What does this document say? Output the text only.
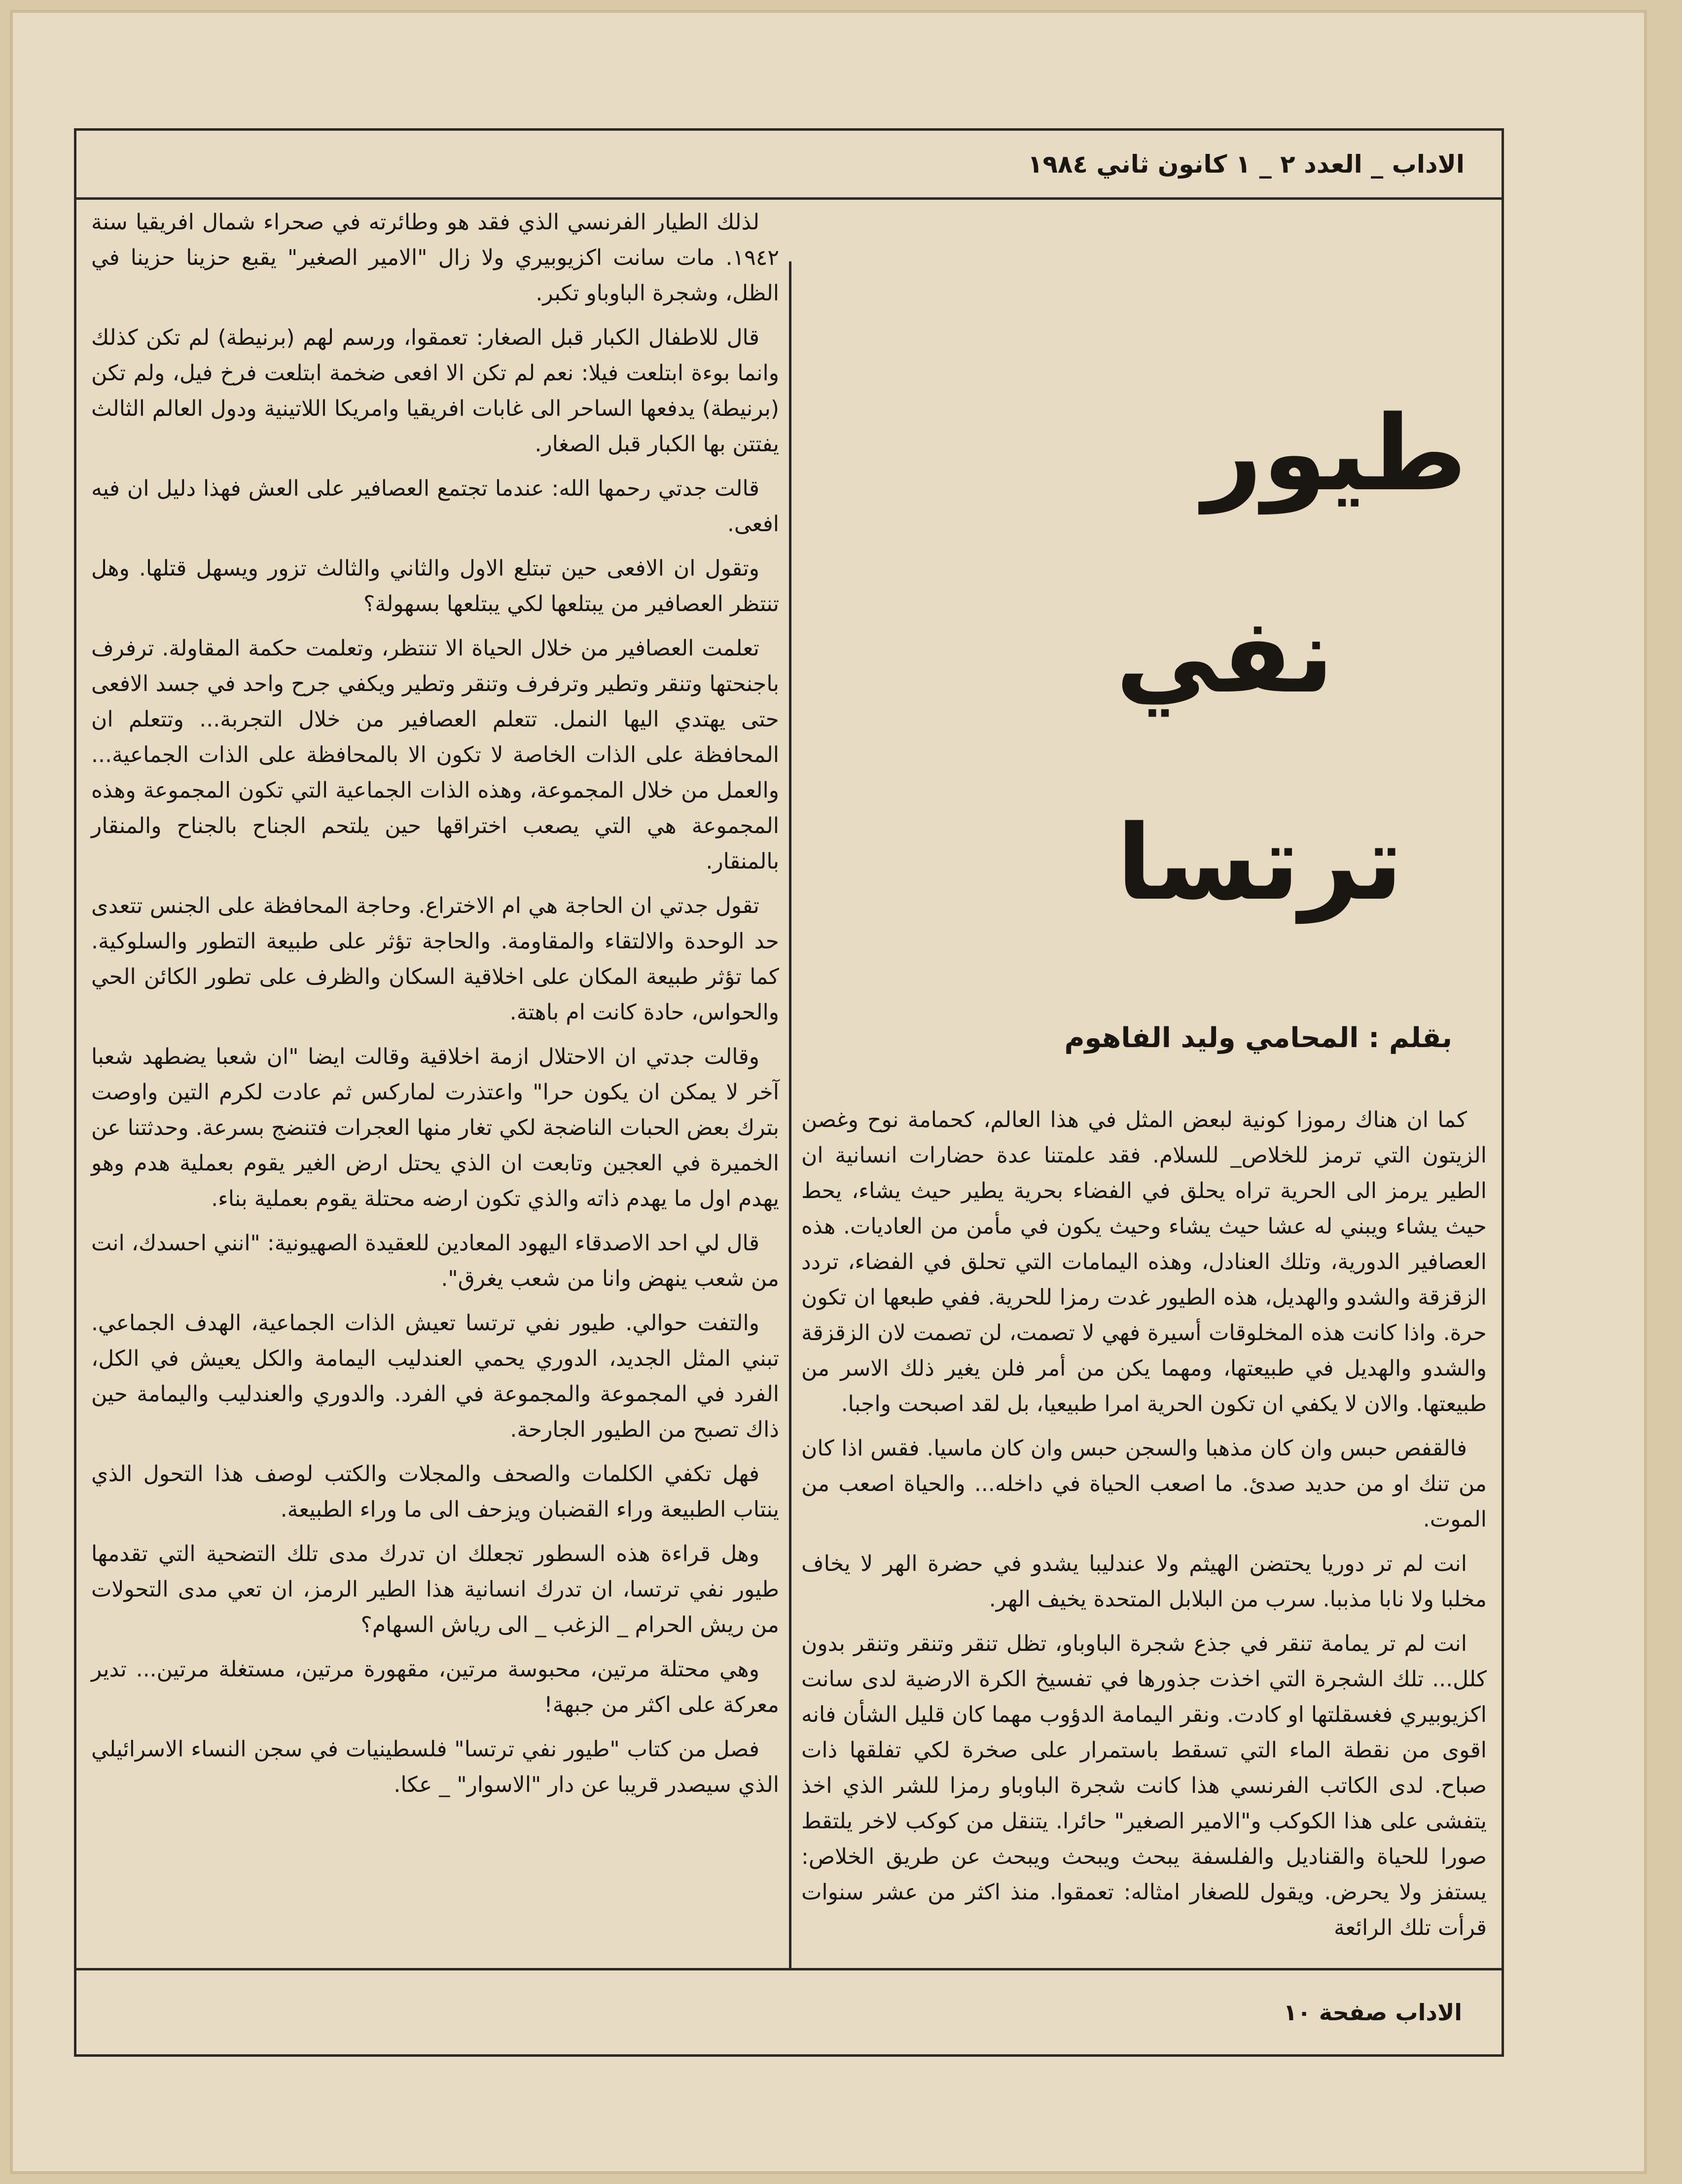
الاداب _ العدد ٢ _ ١ كانون ثاني ١٩٨٤
طيور
نفي
ترتسا
بقلم : المحامي وليد الفاهوم

كما ان هناك رموزا كونية لبعض المثل في هذا العالم، كحمامة نوح وغصن الزيتون التي ترمز للخلاص_ للسلام. فقد علمتنا عدة حضارات انسانية ان الطير يرمز الى الحرية تراه يحلق في الفضاء بحرية يطير حيث يشاء، يحط حيث يشاء ويبني له عشا حيث يشاء وحيث يكون في مأمن من العاديات. هذه العصافير الدورية، وتلك العنادل، وهذه اليمامات التي تحلق في الفضاء، تردد الزقزقة والشدو والهديل، هذه الطيور غدت رمزا للحرية. ففي طبعها ان تكون حرة. واذا كانت هذه المخلوقات أسيرة فهي لا تصمت، لن تصمت لان الزقزقة والشدو والهديل في طبيعتها، ومهما يكن من أمر فلن يغير ذلك الاسر من طبيعتها. والان لا يكفي ان تكون الحرية امرا طبيعيا، بل لقد اصبحت واجبا.

فالقفص حبس وان كان مذهبا والسجن حبس وان كان ماسيا. فقس اذا كان من تنك او من حديد صدئ. ما اصعب الحياة في داخله... والحياة اصعب من الموت.

انت لم تر دوريا يحتضن الهيثم ولا عندليبا يشدو في حضرة الهر لا يخاف مخلبا ولا نابا مذببا. سرب من البلابل المتحدة يخيف الهر.

انت لم تر يمامة تنقر في جذع شجرة الباوباو، تظل تنقر وتنقر وتنقر بدون كلل... تلك الشجرة التي اخذت جذورها في تفسيخ الكرة الارضية لدى سانت اكزيوبيري فغسقلتها او كادت. ونقر اليمامة الدؤوب مهما كان قليل الشأن فانه اقوى من نقطة الماء التي تسقط باستمرار على صخرة لكي تفلقها ذات صباح. لدى الكاتب الفرنسي هذا كانت شجرة الباوباو رمزا للشر الذي اخذ يتفشى على هذا الكوكب و"الامير الصغير" حائرا. يتنقل من كوكب لاخر يلتقط صورا للحياة والقناديل والفلسفة يبحث ويبحث ويبحث عن طريق الخلاص: يستفز ولا يحرض. ويقول للصغار امثاله: تعمقوا. منذ اكثر من عشر سنوات قرأت تلك الرائعة

لذلك الطيار الفرنسي الذي فقد هو وطائرته في صحراء شمال افريقيا سنة ١٩٤٢. مات سانت اكزيوبيري ولا زال "الامير الصغير" يقبع حزينا حزينا في الظل، وشجرة الباوباو تكبر.

قال للاطفال الكبار قبل الصغار: تعمقوا، ورسم لهم (برنيطة) لم تكن كذلك وانما بوءة ابتلعت فيلا: نعم لم تكن الا افعى ضخمة ابتلعت فرخ فيل، ولم تكن (برنيطة) يدفعها الساحر الى غابات افريقيا وامريكا اللاتينية ودول العالم الثالث يفتتن بها الكبار قبل الصغار.

قالت جدتي رحمها الله: عندما تجتمع العصافير على العش فهذا دليل ان فيه افعى.

وتقول ان الافعى حين تبتلع الاول والثاني والثالث تزور ويسهل قتلها. وهل تنتظر العصافير من يبتلعها لكي يبتلعها بسهولة؟

تعلمت العصافير من خلال الحياة الا تنتظر، وتعلمت حكمة المقاولة. ترفرف باجنحتها وتنقر وتطير وترفرف وتنقر وتطير ويكفي جرح واحد في جسد الافعى حتى يهتدي اليها النمل. تتعلم العصافير من خلال التجربة... وتتعلم ان المحافظة على الذات الخاصة لا تكون الا بالمحافظة على الذات الجماعية... والعمل من خلال المجموعة، وهذه الذات الجماعية التي تكون المجموعة وهذه المجموعة هي التي يصعب اختراقها حين يلتحم الجناح بالجناح والمنقار بالمنقار.

تقول جدتي ان الحاجة هي ام الاختراع. وحاجة المحافظة على الجنس تتعدى حد الوحدة والالتقاء والمقاومة. والحاجة تؤثر على طبيعة التطور والسلوكية. كما تؤثر طبيعة المكان على اخلاقية السكان والظرف على تطور الكائن الحي والحواس، حادة كانت ام باهتة.

وقالت جدتي ان الاحتلال ازمة اخلاقية وقالت ايضا "ان شعبا يضطهد شعبا آخر لا يمكن ان يكون حرا" واعتذرت لماركس ثم عادت لكرم التين واوصت بترك بعض الحبات الناضجة لكي تغار منها العجرات فتنضج بسرعة. وحدثتنا عن الخميرة في العجين وتابعت ان الذي يحتل ارض الغير يقوم بعملية هدم وهو يهدم اول ما يهدم ذاته والذي تكون ارضه محتلة يقوم بعملية بناء.

قال لي احد الاصدقاء اليهود المعادين للعقيدة الصهيونية: "انني احسدك، انت من شعب ينهض وانا من شعب يغرق".

والتفت حوالي. طيور نفي ترتسا تعيش الذات الجماعية، الهدف الجماعي. تبني المثل الجديد، الدوري يحمي العندليب اليمامة والكل يعيش في الكل، الفرد في المجموعة والمجموعة في الفرد. والدوري والعندليب واليمامة حين ذاك تصبح من الطيور الجارحة.

فهل تكفي الكلمات والصحف والمجلات والكتب لوصف هذا التحول الذي ينتاب الطبيعة وراء القضبان ويزحف الى ما وراء الطبيعة.

وهل قراءة هذه السطور تجعلك ان تدرك مدى تلك التضحية التي تقدمها طيور نفي ترتسا، ان تدرك انسانية هذا الطير الرمز، ان تعي مدى التحولات من ريش الحرام _ الزغب _ الى رياش السهام؟

وهي محتلة مرتين، محبوسة مرتين، مقهورة مرتين، مستغلة مرتين... تدير معركة على اكثر من جبهة!

فصل من كتاب "طيور نفي ترتسا" فلسطينيات في سجن النساء الاسرائيلي الذي سيصدر قريبا عن دار "الاسوار" _ عكا.

الاداب صفحة ١٠
